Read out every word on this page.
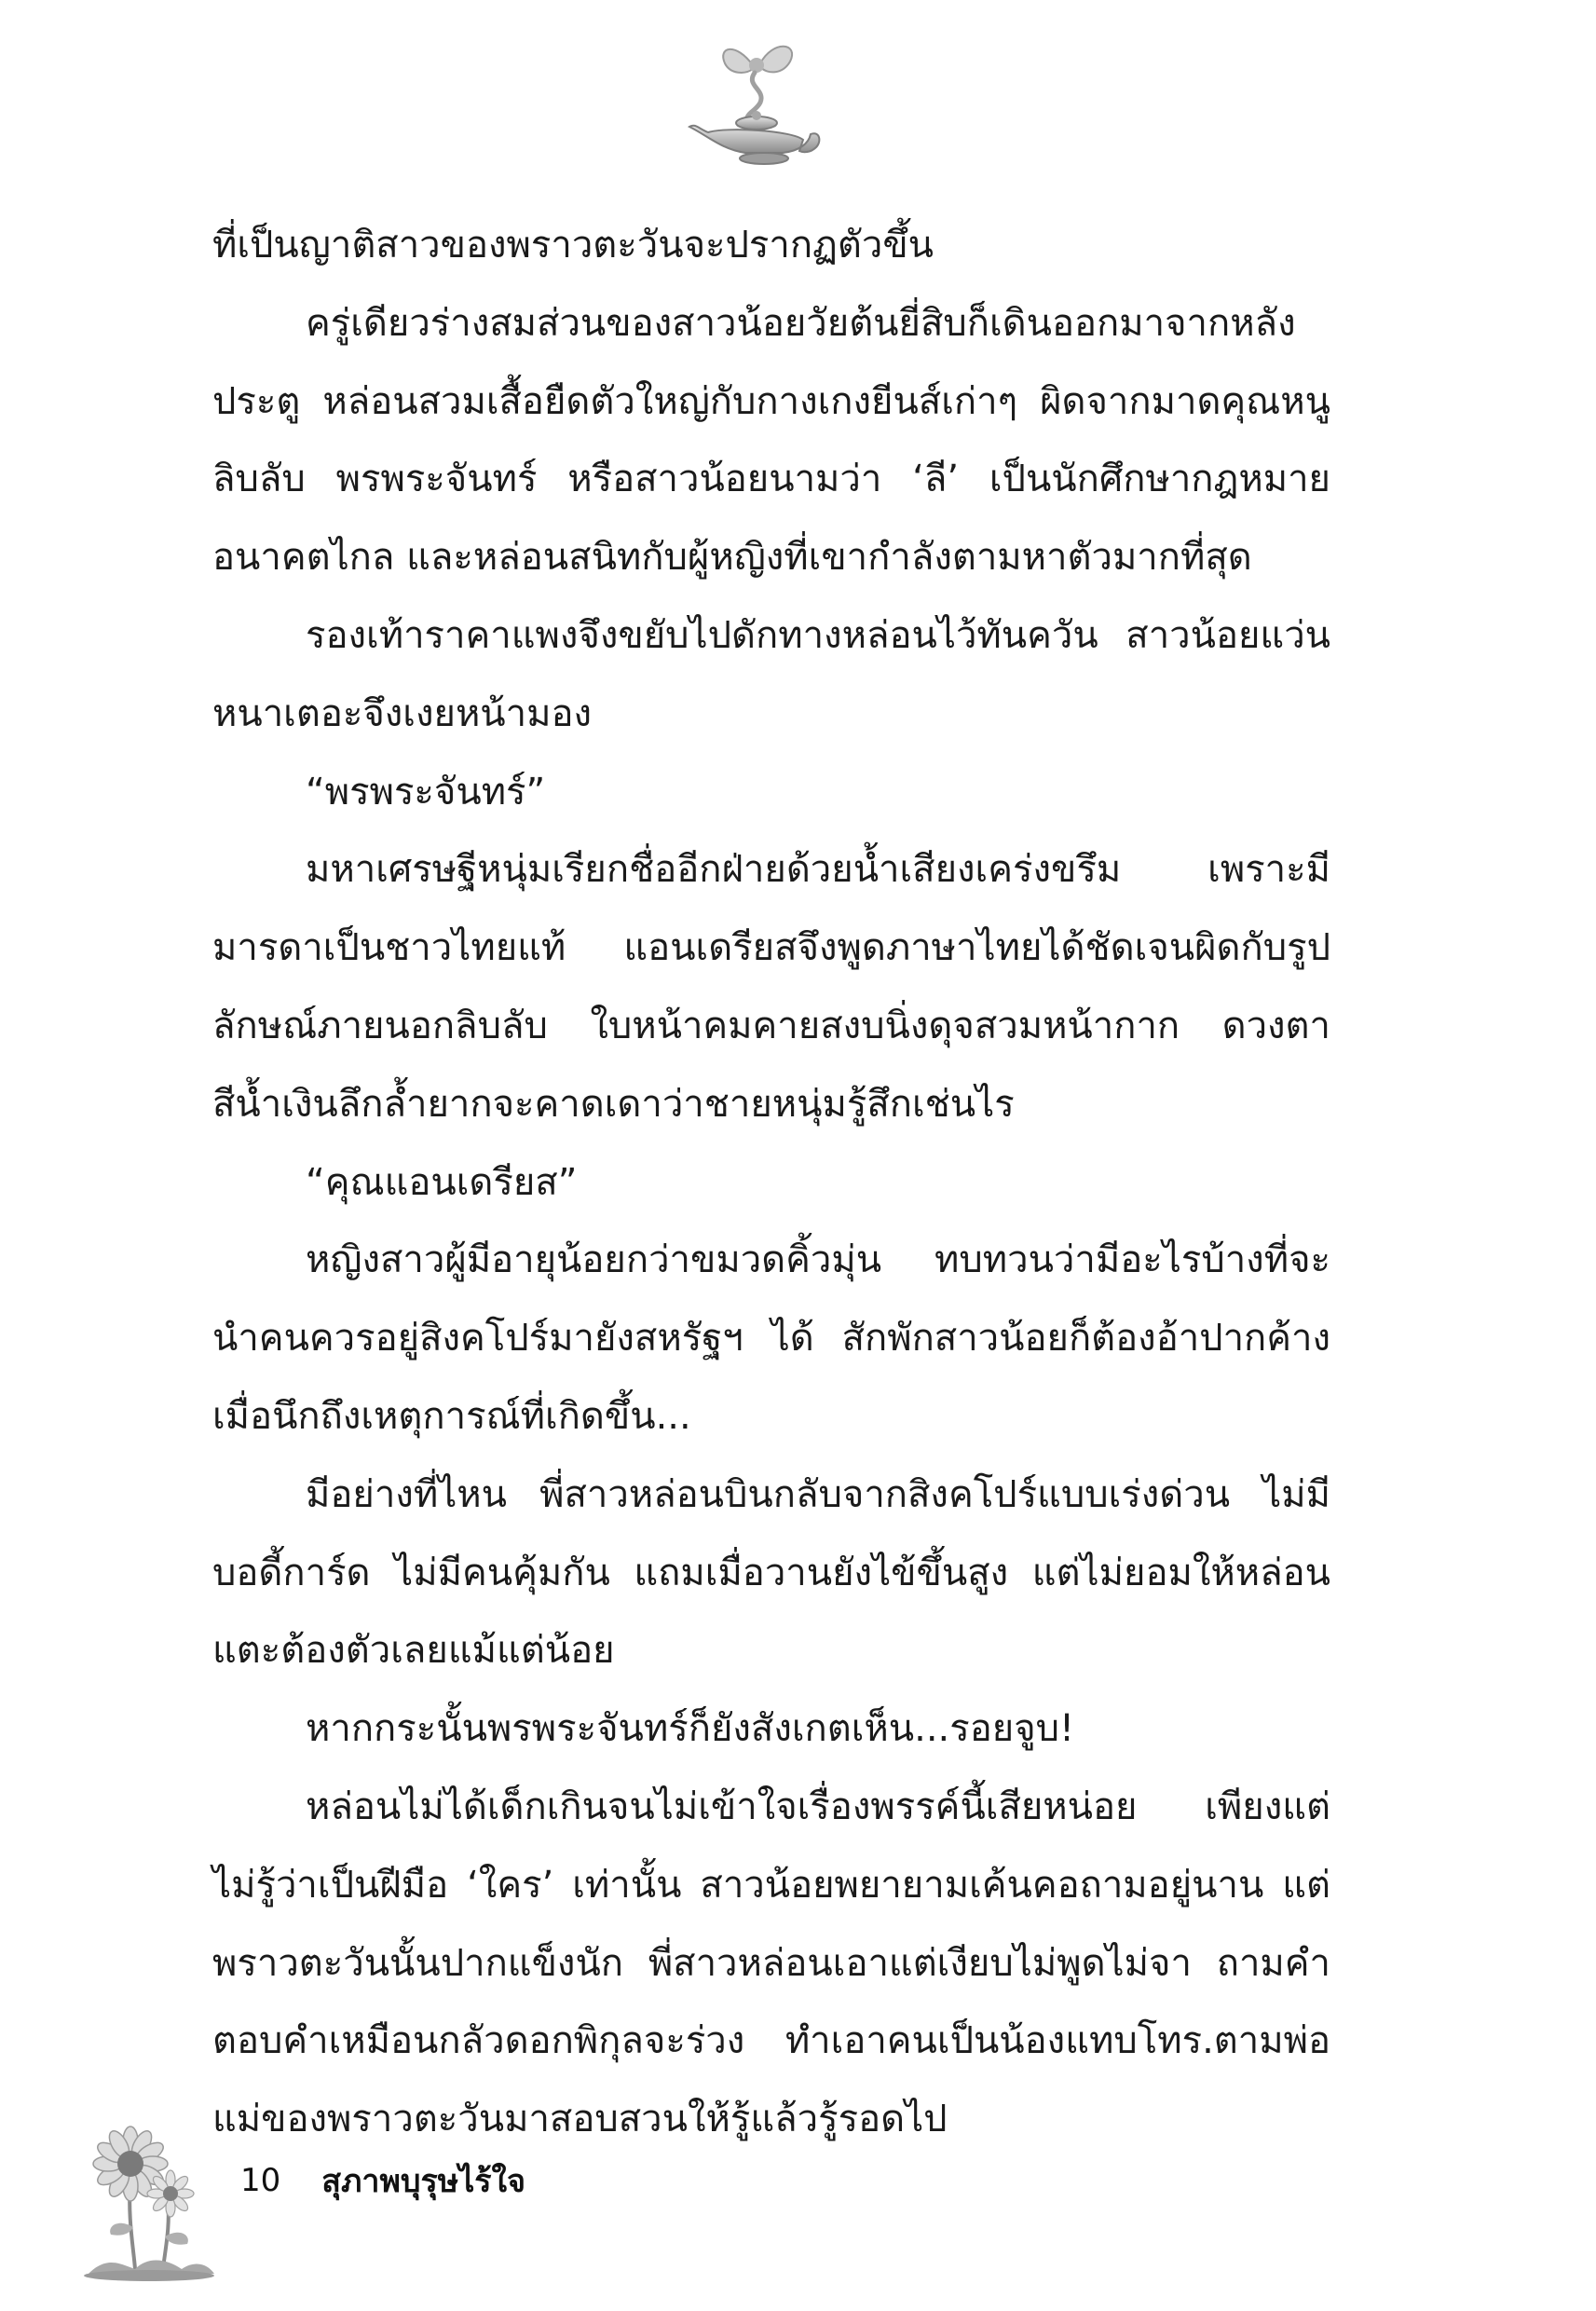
ที่เป็นญาติสาวของพราวตะวันจะปรากฏตัวขึ้น

ครู่เดียวร่างสมส่วนของสาวน้อยวัยต้นยี่สิบก็เดินออกมาจากหลังประตู หล่อนสวมเสื้อยืดตัวใหญ่กับกางเกงยีนส์เก่าๆ ผิดจากมาดคุณหนูลิบลับ พรพระจันทร์ หรือสาวน้อยนามว่า ‘ลี’ เป็นนักศึกษากฎหมายอนาคตไกล และหล่อนสนิทกับผู้หญิงที่เขากำลังตามหาตัวมากที่สุด

รองเท้าราคาแพงจึงขยับไปดักทางหล่อนไว้ทันควัน สาวน้อยแว่นหนาเตอะจึงเงยหน้ามอง

“พรพระจันทร์”

มหาเศรษฐีหนุ่มเรียกชื่ออีกฝ่ายด้วยน้ำเสียงเคร่งขรึม เพราะมีมารดาเป็นชาวไทยแท้ แอนเดรียสจึงพูดภาษาไทยได้ชัดเจนผิดกับรูปลักษณ์ภายนอกลิบลับ ใบหน้าคมคายสงบนิ่งดุจสวมหน้ากาก ดวงตาสีน้ำเงินลึกล้ำยากจะคาดเดาว่าชายหนุ่มรู้สึกเช่นไร

“คุณแอนเดรียส”

หญิงสาวผู้มีอายุน้อยกว่าขมวดคิ้วมุ่น ทบทวนว่ามีอะไรบ้างที่จะนำคนควรอยู่สิงคโปร์มายังสหรัฐฯ ได้ สักพักสาวน้อยก็ต้องอ้าปากค้างเมื่อนึกถึงเหตุการณ์ที่เกิดขึ้น...

มีอย่างที่ไหน พี่สาวหล่อนบินกลับจากสิงคโปร์แบบเร่งด่วน ไม่มีบอดี้การ์ด ไม่มีคนคุ้มกัน แถมเมื่อวานยังไข้ขึ้นสูง แต่ไม่ยอมให้หล่อนแตะต้องตัวเลยแม้แต่น้อย

หากกระนั้นพรพระจันทร์ก็ยังสังเกตเห็น...รอยจูบ!

หล่อนไม่ได้เด็กเกินจนไม่เข้าใจเรื่องพรรค์นี้เสียหน่อย เพียงแต่ไม่รู้ว่าเป็นฝีมือ ‘ใคร’ เท่านั้น สาวน้อยพยายามเค้นคอถามอยู่นาน แต่พราวตะวันนั้นปากแข็งนัก พี่สาวหล่อนเอาแต่เงียบไม่พูดไม่จา ถามคำตอบคำเหมือนกลัวดอกพิกุลจะร่วง ทำเอาคนเป็นน้องแทบโทร.ตามพ่อแม่ของพราวตะวันมาสอบสวนให้รู้แล้วรู้รอดไป

10 สุภาพบุรุษไร้ใจ
